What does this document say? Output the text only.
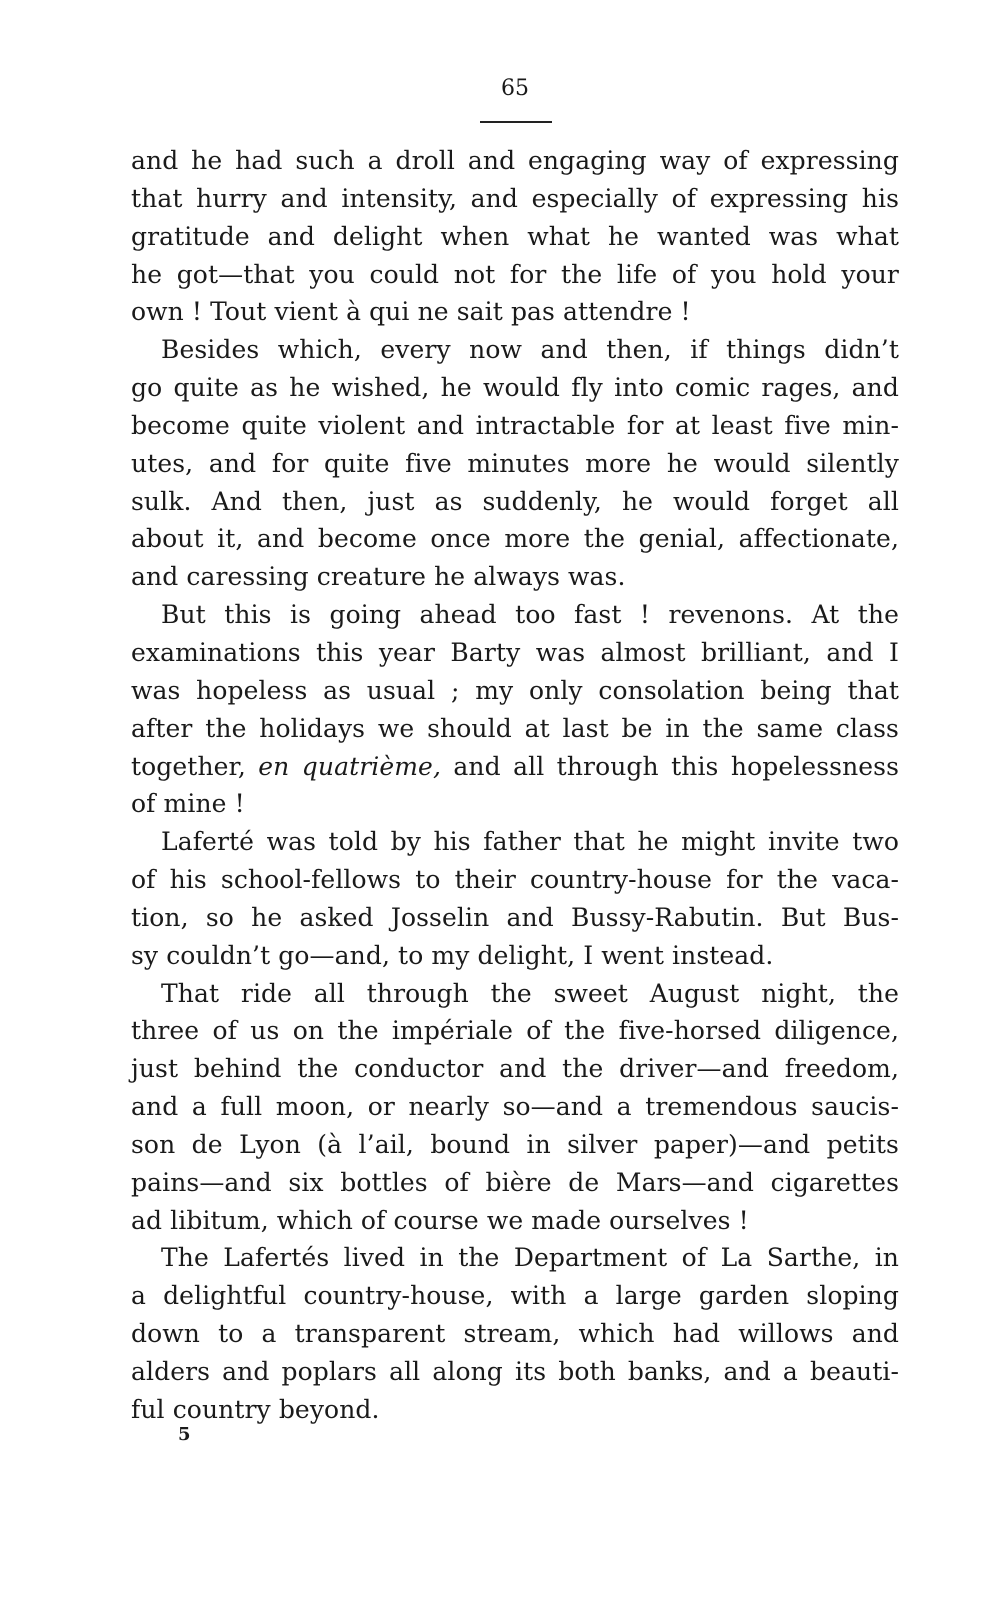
65
and he had such a droll and engaging way of expressing
that hurry and intensity, and especially of expressing his
gratitude and delight when what he wanted was what
he got—that you could not for the life of you hold your
own ! Tout vient à qui ne sait pas attendre !
Besides which, every now and then, if things didn’t
go quite as he wished, he would fly into comic rages, and
become quite violent and intractable for at least five min-
utes, and for quite five minutes more he would silently
sulk. And then, just as suddenly, he would forget all
about it, and become once more the genial, affectionate,
and caressing creature he always was.
But this is going ahead too fast ! revenons. At the
examinations this year Barty was almost brilliant, and I
was hopeless as usual ; my only consolation being that
after the holidays we should at last be in the same class
together, en quatrième, and all through this hopelessness
of mine !
Laferté was told by his father that he might invite two
of his school-fellows to their country-house for the vaca-
tion, so he asked Josselin and Bussy-Rabutin. But Bus-
sy couldn’t go—and, to my delight, I went instead.
That ride all through the sweet August night, the
three of us on the impériale of the five-horsed diligence,
just behind the conductor and the driver—and freedom,
and a full moon, or nearly so—and a tremendous saucis-
son de Lyon (à l’ail, bound in silver paper)—and petits
pains—and six bottles of bière de Mars—and cigarettes
ad libitum, which of course we made ourselves !
The Lafertés lived in the Department of La Sarthe, in
a delightful country-house, with a large garden sloping
down to a transparent stream, which had willows and
alders and poplars all along its both banks, and a beauti-
ful country beyond.
5
